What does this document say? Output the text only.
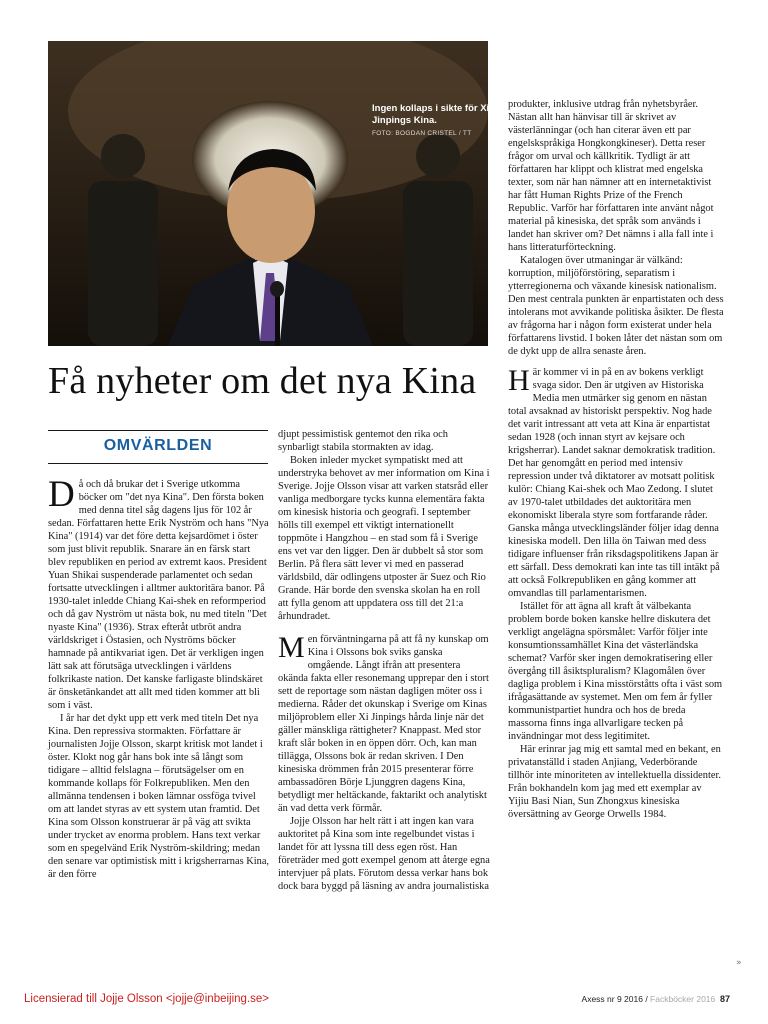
Ingen kollaps i sikte för Xi Jinpings Kina.
FOTO: BOGDAN CRISTEL / TT
Få nyheter om det nya Kina
OMVÄRLDEN

Då och då brukar det i Sverige utkomma böcker om "det nya Kina". Den första boken med denna titel såg dagens ljus för 102 år sedan. Författaren hette Erik Nyström och hans "Nya Kina" (1914) var det före detta kejsardömet i öster som just blivit republik. Snarare än en färsk start blev republiken en period av extremt kaos. President Yuan Shikai suspenderade parlamentet och sedan fortsatte utvecklingen i alltmer auktoritära banor. På 1930-talet inledde Chiang Kai-shek en reformperiod och då gav Nyström ut nästa bok, nu med titeln "Det nyaste Kina" (1936). Strax efteråt utbröt andra världskriget i Östasien, och Nyströms böcker hamnade på antikvariat igen. Det är verkligen ingen lätt sak att förutsäga utvecklingen i världens folkrikaste nation. Det kanske farligaste blindskäret är önsketänkandet att allt med tiden kommer att bli som i väst.

I år har det dykt upp ett verk med titeln Det nya Kina. Den repressiva stormakten. Författare är journalisten Jojje Olsson, skarpt kritisk mot landet i öster. Klokt nog går hans bok inte så långt som tidigare – alltid felslagna – förutsägelser om en kommande kollaps för Folkrepubliken. Men den allmänna tendensen i boken lämnar ossföga tvivel om att landet styras av ett system utan framtid. Det Kina som Olsson konstruerar är på väg att svikta under trycket av enorma problem. Hans text verkar som en spegelvänd Erik Nyström-skildring; medan den senare var optimistisk mitt i krigsherrarnas Kina, är den förre

djupt pessimistisk gentemot den rika och synbarligt stabila stormakten av idag.

Boken inleder mycket sympatiskt med att understryka behovet av mer information om Kina i Sverige. Jojje Olsson visar att varken statsråd eller vanliga medborgare tycks kunna elementära fakta om kinesisk historia och geografi. I september hölls till exempel ett viktigt internationellt toppmöte i Hangzhou – en stad som få i Sverige ens vet var den ligger. Den är dubbelt så stor som Berlin. På flera sätt lever vi med en passerad världsbild, där odlingens utposter är Suez och Rio Grande. Här borde den svenska skolan ha en roll att fylla genom att uppdatera oss till det 21:a århundradet.

Men förväntningarna på att få ny kunskap om Kina i Olssons bok sviks ganska omgående. Långt ifrån att presentera okända fakta eller resonemang upprepar den i stort sett de reportage som nästan dagligen möter oss i medierna. Råder det okunskap i Sverige om Kinas miljöproblem eller Xi Jinpings hårda linje när det gäller mänskliga rättigheter? Knappast. Med stor kraft slår boken in en öppen dörr. Och, kan man tillägga, Olssons bok är redan skriven. I Den kinesiska drömmen från 2015 presenterar förre ambassadören Börje Ljunggren dagens Kina, betydligt mer heltäckande, faktarikt och analytiskt än vad detta verk förmår.

Jojje Olsson har helt rätt i att ingen kan vara auktoritet på Kina som inte regelbundet vistas i landet för att lyssna till dess egen röst. Han företräder med gott exempel genom att återge egna intervjuer på plats. Förutom dessa verkar hans bok dock bara byggd på läsning av andra journalistiska

produkter, inklusive utdrag från nyhetsbyråer. Nästan allt han hänvisar till är skrivet av västerlänningar (och han citerar även ett par engelskspråkiga Hongkongkineser). Detta reser frågor om urval och källkritik. Tydligt är att författaren har klippt och klistrat med engelska texter, som när han nämner att en internetaktivist har fått Human Rights Prize of the French Republic. Varför har författaren inte använt något material på kinesiska, det språk som används i landet han skriver om? Det nämns i alla fall inte i hans litteraturförteckning.

Katalogen över utmaningar är välkänd: korruption, miljöförstöring, separatism i ytterregionerna och växande kinesisk nationalism. Den mest centrala punkten är enpartistaten och dess intolerans mot avvikande politiska åsikter. De flesta av frågorna har i någon form existerat under hela författarens livstid. I boken låter det nästan som om de dykt upp de allra senaste åren.

Här kommer vi in på en av bokens verkligt svaga sidor. Den är utgiven av Historiska Media men utmärker sig genom en nästan total avsaknad av historiskt perspektiv. Nog hade det varit intressant att veta att Kina är enpartistat sedan 1928 (och innan styrt av kejsare och krigsherrar). Landet saknar demokratisk tradition. Det har genomgått en period med intensiv repression under två diktatorer av motsatt politisk kulör: Chiang Kai-shek och Mao Zedong. I slutet av 1970-talet utbildades det auktoritära men ekonomiskt liberala styre som fortfarande råder. Ganska många utvecklingsländer följer idag denna kinesiska modell. Den lilla ön Taiwan med dess tidigare influenser från riksdagspolitikens Japan är ett särfall. Dess demokrati kan inte tas till intäkt på att också Folkrepubliken en gång kommer att omvandlas till parlamentarismen.

Istället för att ägna all kraft åt välbekanta problem borde boken kanske hellre diskutera det verkligt angelägna spörsmålet: Varför följer inte konsumtionssamhället Kina det västerländska schemat? Varför sker ingen demokratisering eller övergång till åsiktspluralism? Klagomålen över dagliga problem i Kina misstörståtts ofta i väst som ifrågasättande av systemet. Men om fem år fyller kommunistpartiet hundra och hos de breda massorna finns inga allvarligare tecken på invändningar mot dess legitimitet.

Här erinrar jag mig ett samtal med en bekant, en privatanställd i staden Anjiang, Vederbörande tillhör inte minoriteten av intellektuella dissidenter. Från bokhandeln kom jag med ett exemplar av Yijiu Basi Nian, Sun Zhongxus kinesiska översättning av George Orwells 1984.

»
Licensierad till Jojje Olsson <jojje@inbeijing.se>	Axess nr 9 2016 / Fackböcker 2016 87
